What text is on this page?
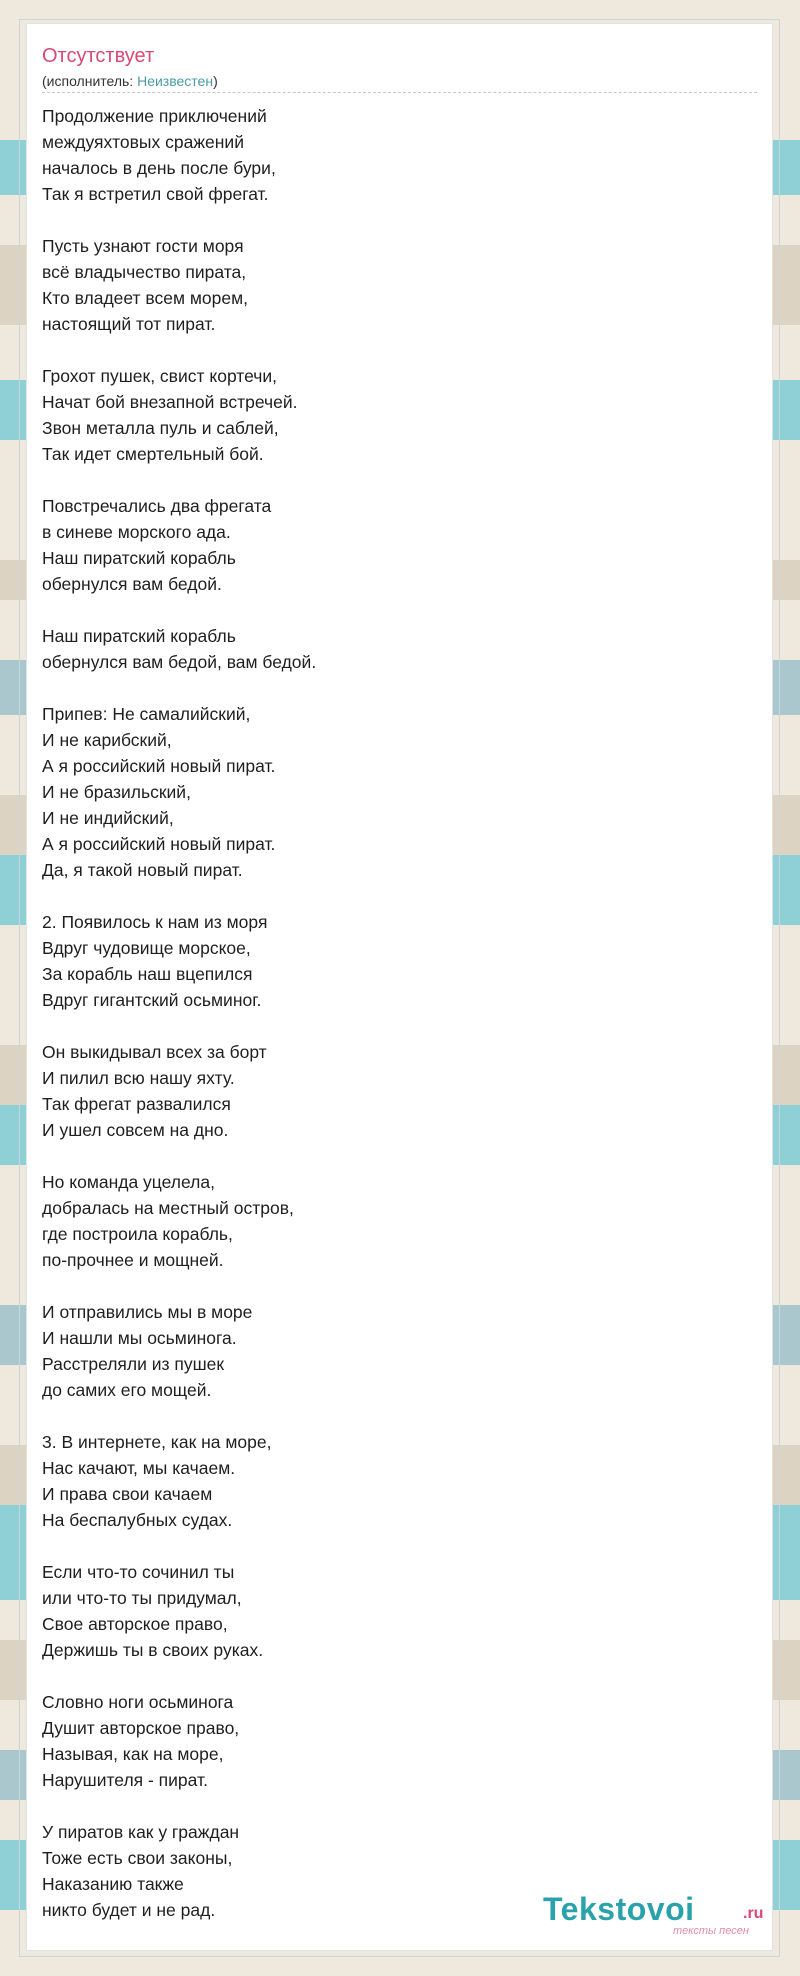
Отсутствует
(исполнитель: Неизвестен)
Продолжение приключений
междуяхтовых сражений
началось в день после бури,
Так я встретил свой фрегат.
Пусть узнают гости моря
всё владычество пирата,
Кто владеет всем морем,
настоящий тот пират.
Грохот пушек, свист кортечи,
Начат бой внезапной встречей.
Звон металла пуль и саблей,
Так идет смертельный бой.
Повстречались два фрегата
в синеве морского ада.
Наш пиратский корабль
обернулся вам бедой.
Наш пиратский корабль
обернулся вам бедой, вам бедой.
Припев: Не самалийский,
И не карибский,
А я российский новый пират.
И не бразильский,
И не индийский,
А я российский новый пират.
Да, я такой новый пират.
2. Появилось к нам из моря
Вдруг чудовище морское,
За корабль наш вцепился
Вдруг гигантский осьминог.
Он выкидывал всех за борт
И пилил всю нашу яхту.
Так фрегат развалился
И ушел совсем на дно.
Но команда уцелела,
добралась на местный остров,
где построила корабль,
по-прочнее и мощней.
И отправились мы в море
И нашли мы осьминога.
Расстреляли из пушек
до самих его мощей.
3. В интернете, как на море,
Нас качают, мы качаем.
И права свои качаем
На беспалубных судах.
Если что-то сочинил ты
или что-то ты придумал,
Свое авторское право,
Держишь ты в своих руках.
Словно ноги осьминога
Душит авторское право,
Называя, как на море,
Нарушителя - пират.
У пиратов как у граждан
Тоже есть свои законы,
Наказанию также
никто будет и не рад.	Tekstovoi	.ru
тексты песен
